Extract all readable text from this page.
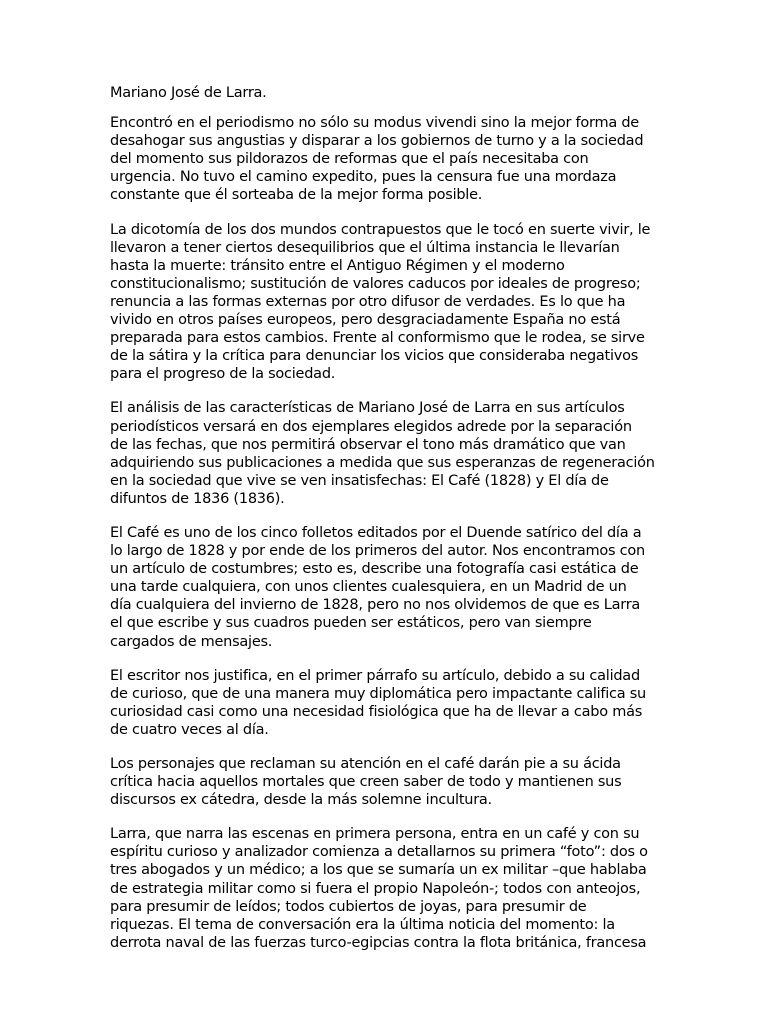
Mariano José de Larra.

Encontró en el periodismo no sólo su modus vivendi sino la mejor forma de
desahogar sus angustias y disparar a los gobiernos de turno y a la sociedad
del momento sus pildorazos de reformas que el país necesitaba con
urgencia. No tuvo el camino expedito, pues la censura fue una mordaza
constante que él sorteaba de la mejor forma posible.

La dicotomía de los dos mundos contrapuestos que le tocó en suerte vivir, le
llevaron a tener ciertos desequilibrios que el última instancia le llevarían
hasta la muerte: tránsito entre el Antiguo Régimen y el moderno
constitucionalismo; sustitución de valores caducos por ideales de progreso;
renuncia a las formas externas por otro difusor de verdades. Es lo que ha
vivido en otros países europeos, pero desgraciadamente España no está
preparada para estos cambios. Frente al conformismo que le rodea, se sirve
de la sátira y la crítica para denunciar los vicios que consideraba negativos
para el progreso de la sociedad.

El análisis de las características de Mariano José de Larra en sus artículos
periodísticos versará en dos ejemplares elegidos adrede por la separación
de las fechas, que nos permitirá observar el tono más dramático que van
adquiriendo sus publicaciones a medida que sus esperanzas de regeneración
en la sociedad que vive se ven insatisfechas: El Café (1828) y El día de
difuntos de 1836 (1836).

El Café es uno de los cinco folletos editados por el Duende satírico del día a
lo largo de 1828 y por ende de los primeros del autor. Nos encontramos con
un artículo de costumbres; esto es, describe una fotografía casi estática de
una tarde cualquiera, con unos clientes cualesquiera, en un Madrid de un
día cualquiera del invierno de 1828, pero no nos olvidemos de que es Larra
el que escribe y sus cuadros pueden ser estáticos, pero van siempre
cargados de mensajes.

El escritor nos justifica, en el primer párrafo su artículo, debido a su calidad
de curioso, que de una manera muy diplomática pero impactante califica su
curiosidad casi como una necesidad fisiológica que ha de llevar a cabo más
de cuatro veces al día.

Los personajes que reclaman su atención en el café darán pie a su ácida
crítica hacia aquellos mortales que creen saber de todo y mantienen sus
discursos ex cátedra, desde la más solemne incultura.

Larra, que narra las escenas en primera persona, entra en un café y con su
espíritu curioso y analizador comienza a detallarnos su primera “foto”: dos o
tres abogados y un médico; a los que se sumaría un ex militar –que hablaba
de estrategia militar como si fuera el propio Napoleón-; todos con anteojos,
para presumir de leídos; todos cubiertos de joyas, para presumir de
riquezas. El tema de conversación era la última noticia del momento: la
derrota naval de las fuerzas turco-egipcias contra la flota británica, francesa
